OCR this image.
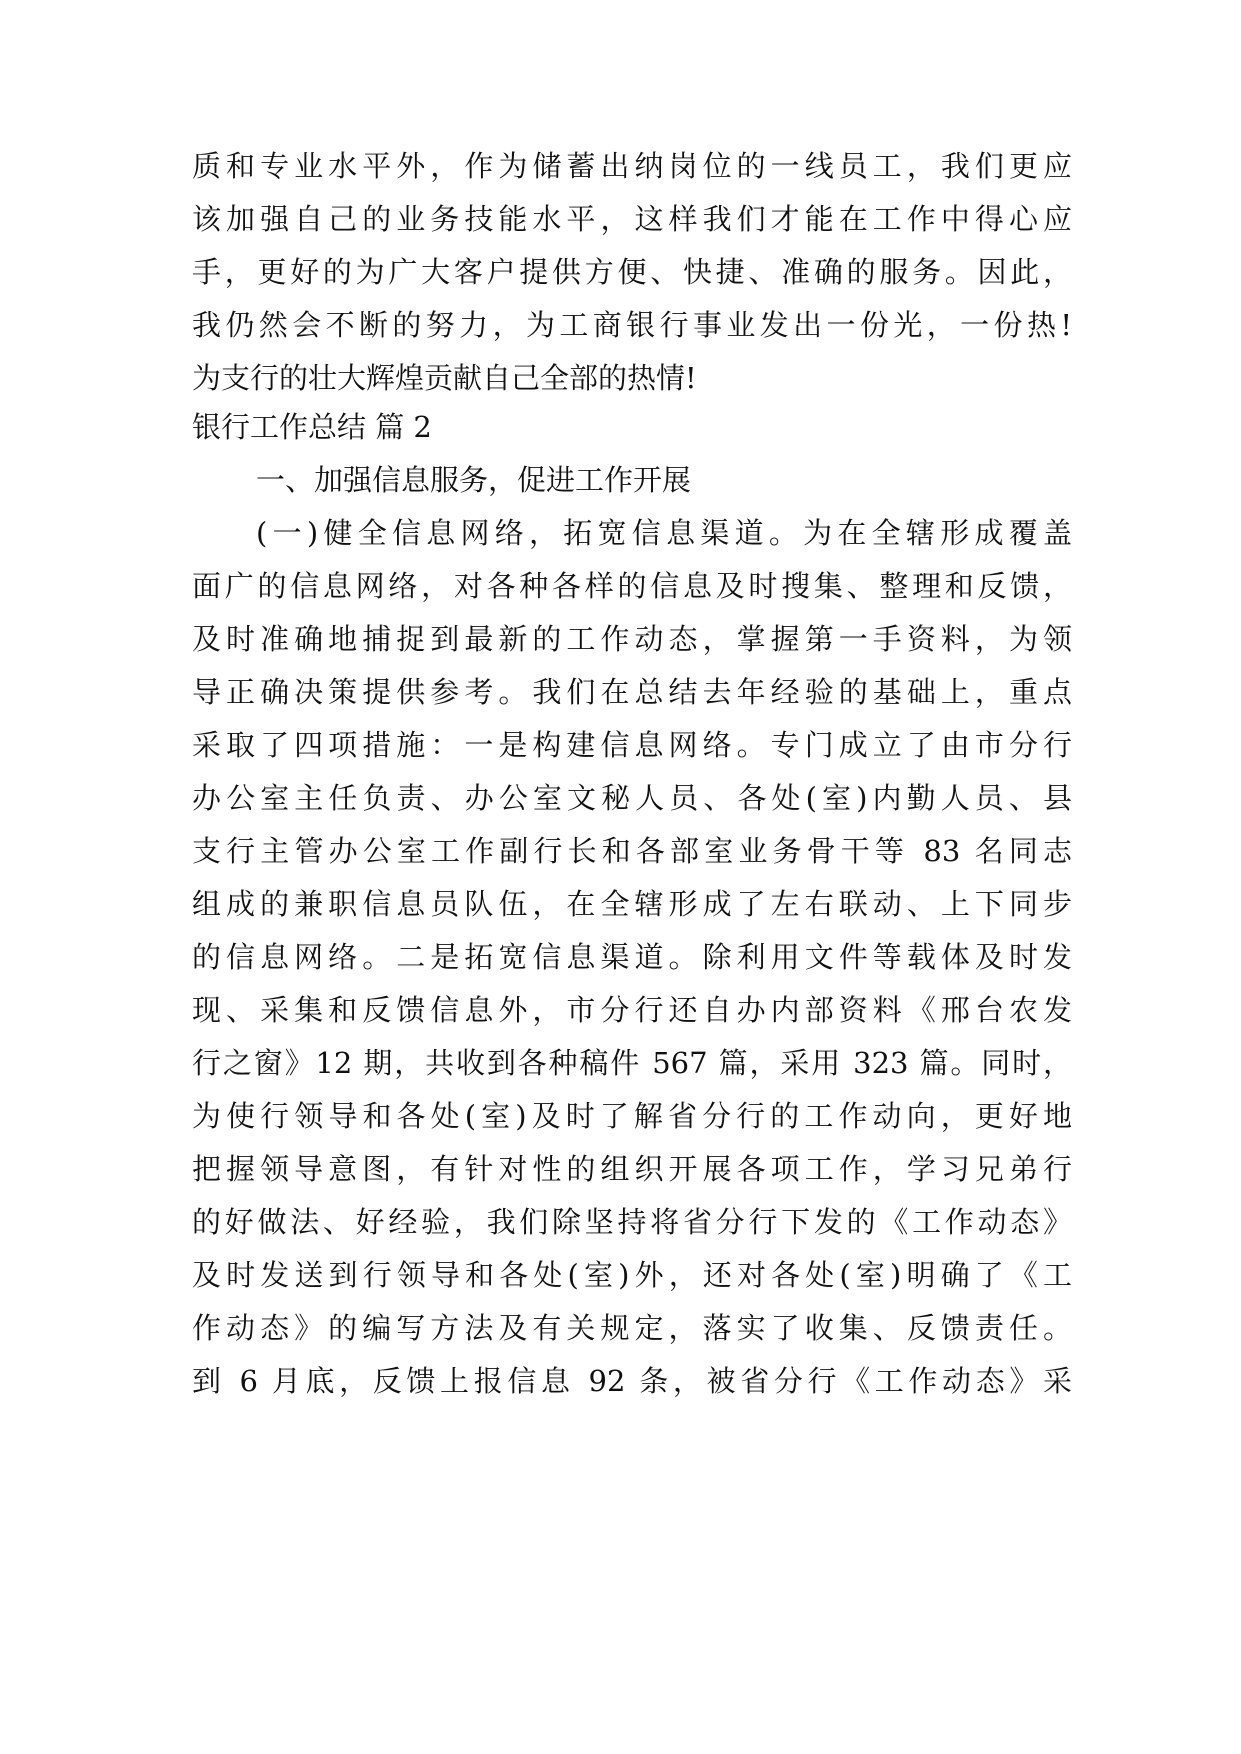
质和专业水平外，作为储蓄出纳岗位的一线员工，我们更应
该加强自己的业务技能水平，这样我们才能在工作中得心应
手，更好的为广大客户提供方便、快捷、准确的服务。因此，
我仍然会不断的努力，为工商银行事业发出一份光，一份热!
为支行的壮大辉煌贡献自己全部的热情!
银行工作总结 篇 2
一、加强信息服务，促进工作开展
(一)健全信息网络，拓宽信息渠道。为在全辖形成覆盖
面广的信息网络，对各种各样的信息及时搜集、整理和反馈，
及时准确地捕捉到最新的工作动态，掌握第一手资料，为领
导正确决策提供参考。我们在总结去年经验的基础上，重点
采取了四项措施：一是构建信息网络。专门成立了由市分行
办公室主任负责、办公室文秘人员、各处(室)内勤人员、县
支行主管办公室工作副行长和各部室业务骨干等 83 名同志
组成的兼职信息员队伍，在全辖形成了左右联动、上下同步
的信息网络。二是拓宽信息渠道。除利用文件等载体及时发
现、采集和反馈信息外，市分行还自办内部资料《邢台农发
行之窗》12 期，共收到各种稿件 567 篇，采用 323 篇。同时，
为使行领导和各处(室)及时了解省分行的工作动向，更好地
把握领导意图，有针对性的组织开展各项工作，学习兄弟行
的好做法、好经验，我们除坚持将省分行下发的《工作动态》
及时发送到行领导和各处(室)外，还对各处(室)明确了《工
作动态》的编写方法及有关规定，落实了收集、反馈责任。
到 6 月底，反馈上报信息 92 条，被省分行《工作动态》采
